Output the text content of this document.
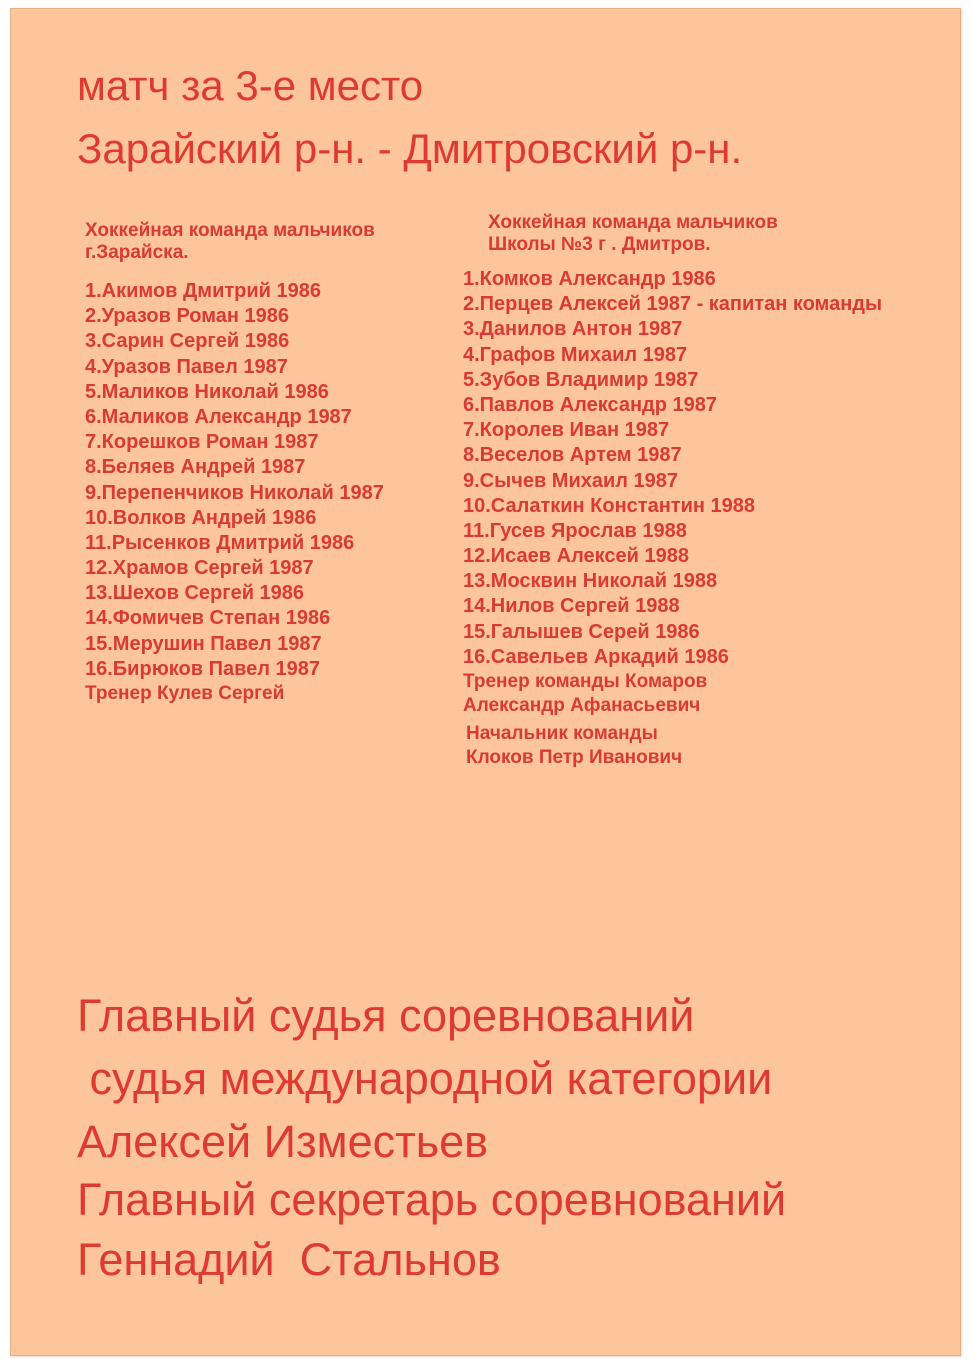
матч за 3-е место
Зарайский р-н. - Дмитровский р-н.

Хоккейная команда мальчиков

г.Зарайска.

1.Акимов Дмитрий 1986
2.Уразов Роман 1986
3.Сарин Сергей 1986
4.Уразов Павел 1987
5.Маликов Николай 1986
6.Маликов Александр 1987
7.Корешков Роман 1987
8.Беляев Андрей 1987
9.Перепенчиков Николай 1987
10.Волков Андрей 1986
11.Рысенков Дмитрий 1986
12.Храмов Сергей 1987
13.Шехов Сергей 1986
14.Фомичев Степан 1986
15.Мерушин Павел 1987
16.Бирюков Павел 1987
Тренер Кулев Сергей

Хоккейная команда мальчиков

Школы №3 г . Дмитров.

1.Комков Александр 1986
2.Перцев Алексей 1987 - капитан команды
3.Данилов Антон 1987
4.Графов Михаил 1987
5.Зубов Владимир 1987
6.Павлов Александр 1987
7.Королев Иван 1987
8.Веселов Артем 1987
9.Сычев Михаил 1987
10.Салаткин Константин 1988
11.Гусев Ярослав 1988
12.Исаев Алексей 1988
13.Москвин Николай 1988
14.Нилов Сергей 1988
15.Галышев Серей 1986
16.Савельев Аркадий 1986
Тренер команды Комаров
Александр Афанасьевич
Начальник команды
Клоков Петр Иванович
Главный судья соревнований
судья международной категории
Алексей Изместьев
Главный секретарь соревнований
Геннадий  Стальнов
